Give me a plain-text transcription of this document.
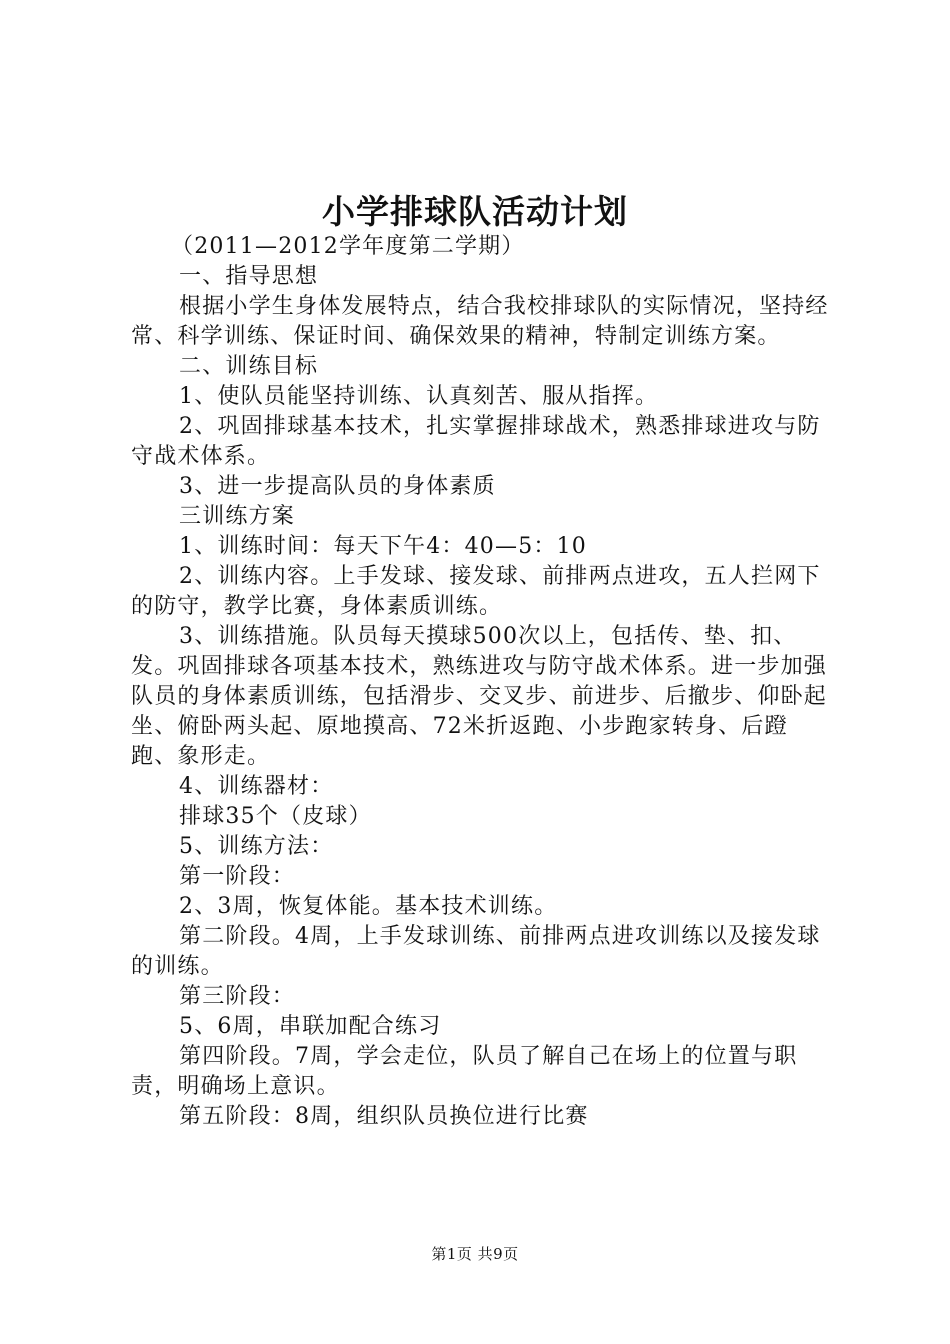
小学排球队活动计划

（2011—2012学年度第二学期）

一、指导思想

根据小学生身体发展特点，结合我校排球队的实际情况，坚持经常、科学训练、保证时间、确保效果的精神，特制定训练方案。

二、训练目标

1、使队员能坚持训练、认真刻苦、服从指挥。

2、巩固排球基本技术，扎实掌握排球战术，熟悉排球进攻与防守战术体系。

3、进一步提高队员的身体素质

三训练方案

1、训练时间：每天下午4：40—5：10

2、训练内容。上手发球、接发球、前排两点进攻，五人拦网下的防守，教学比赛，身体素质训练。

3、训练措施。队员每天摸球500次以上，包括传、垫、扣、发。巩固排球各项基本技术，熟练进攻与防守战术体系。进一步加强队员的身体素质训练，包括滑步、交叉步、前进步、后撤步、仰卧起坐、俯卧两头起、原地摸高、72米折返跑、小步跑家转身、后蹬跑、象形走。

4、训练器材：

排球35个（皮球）

5、训练方法：

第一阶段：

2、3周，恢复体能。基本技术训练。

第二阶段。4周，上手发球训练、前排两点进攻训练以及接发球的训练。

第三阶段：

5、6周，串联加配合练习

第四阶段。7周，学会走位，队员了解自己在场上的位置与职责，明确场上意识。

第五阶段：8周，组织队员换位进行比赛

第1页 共9页
